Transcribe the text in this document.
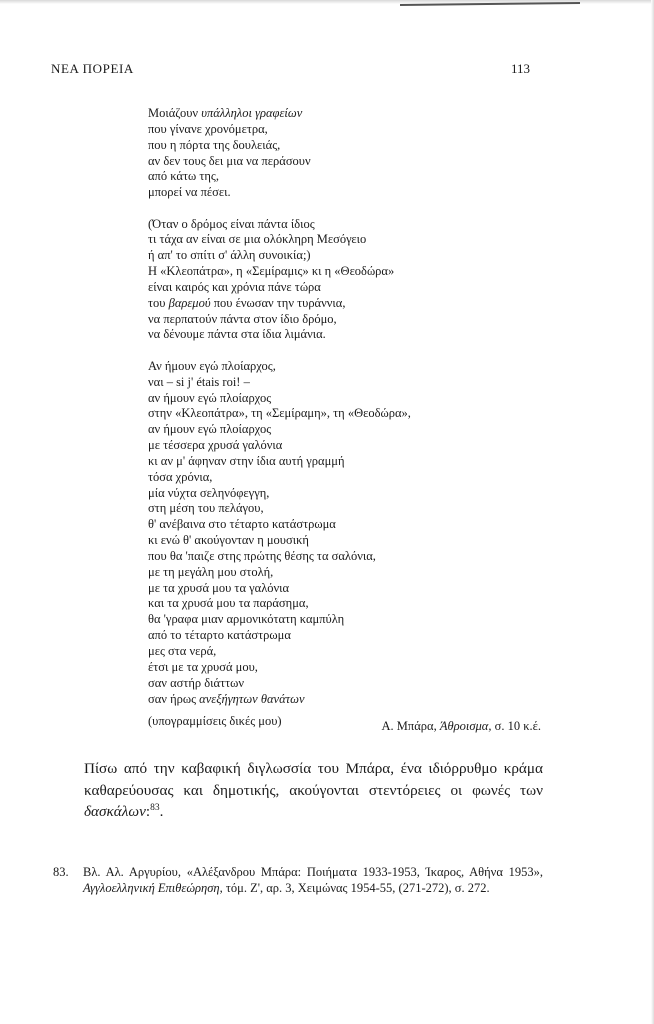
ΝΕΑ ΠΟΡΕΙΑ	113
Μοιάζουν υπάλληλοι γραφείων
που γίνανε χρονόμετρα,
που η πόρτα της δουλειάς,
αν δεν τους δει μια να περάσουν
από κάτω της,
μπορεί να πέσει.
(Όταν ο δρόμος είναι πάντα ίδιος
τι τάχα αν είναι σε μια ολόκληρη Μεσόγειο
ή απ' το σπίτι σ' άλλη συνοικία;)
Η «Κλεοπάτρα», η «Σεμίραμις» κι η «Θεοδώρα»
είναι καιρός και χρόνια πάνε τώρα
του βαρεμού που ένωσαν την τυράννια,
να περπατούν πάντα στον ίδιο δρόμο,
να δένουμε πάντα στα ίδια λιμάνια.
Αν ήμουν εγώ πλοίαρχος,
ναι – si j' étais roi! –
αν ήμουν εγώ πλοίαρχος
στην «Κλεοπάτρα», τη «Σεμίραμη», τη «Θεοδώρα»,
αν ήμουν εγώ πλοίαρχος
με τέσσερα χρυσά γαλόνια
κι αν μ' άφηναν στην ίδια αυτή γραμμή
τόσα χρόνια,
μία νύχτα σεληνόφεγγη,
στη μέση του πελάγου,
θ' ανέβαινα στο τέταρτο κατάστρωμα
κι ενώ θ' ακούγονταν η μουσική
που θα 'παιζε στης πρώτης θέσης τα σαλόνια,
με τη μεγάλη μου στολή,
με τα χρυσά μου τα γαλόνια
και τα χρυσά μου τα παράσημα,
θα 'γραφα μιαν αρμονικότατη καμπύλη
από το τέταρτο κατάστρωμα
μες στα νερά,
έτσι με τα χρυσά μου,
σαν αστήρ διάττων
σαν ήρως ανεξήγητων θανάτων
(υπογραμμίσεις δικές μου)	Α. Μπάρα, Άθροισμα, σ. 10 κ.έ.

Πίσω από την καβαφική διγλωσσία του Μπάρα, ένα ιδιόρρυθμο κράμα καθαρεύουσας και δημοτικής, ακούγονται στεντόρειες οι φωνές των δασκάλων:$^{83}$.

83. Βλ. Αλ. Αργυρίου, «Αλέξανδρου Μπάρα: Ποιήματα 1933-1953, Ίκαρος, Αθήνα 1953», Αγγλοελληνική Επιθεώρηση, τόμ. Ζ', αρ. 3, Χειμώνας 1954-55, (271-272), σ. 272.
